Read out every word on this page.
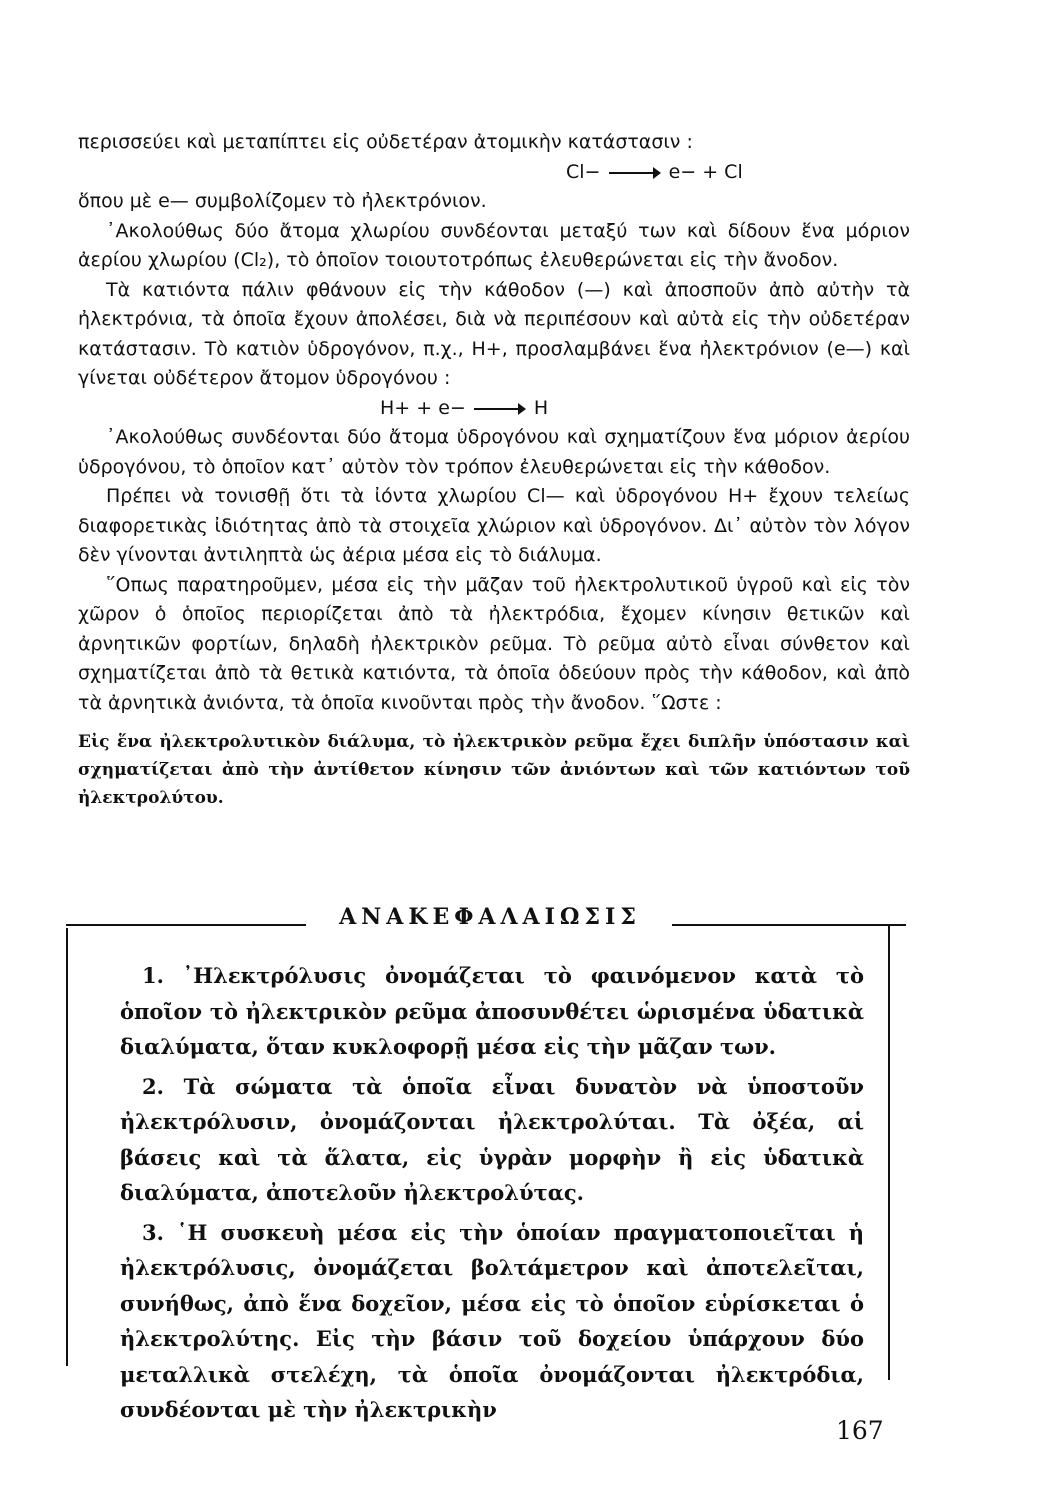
περισσεύει καὶ μεταπίπτει εἰς οὐδετέραν ἀτομικὴν κατάστασιν :

Cl−	e− + Cl

ὅπου μὲ e— συμβολίζομεν τὸ ἠλεκτρόνιον.

᾿Ακολούθως δύο ἄτομα χλωρίου συνδέονται μεταξύ των καὶ δίδουν ἕνα μόριον ἀερίου χλωρίου (Cl₂), τὸ ὁποῖον τοιουτοτρόπως ἐλευθερώνεται εἰς τὴν ἄνοδον.

Τὰ κατιόντα πάλιν φθάνουν εἰς τὴν κάθοδον (—) καὶ ἀποσποῦν ἀπὸ αὐτὴν τὰ ἠλεκτρόνια, τὰ ὁποῖα ἔχουν ἀπολέσει, διὰ νὰ περιπέσουν καὶ αὐτὰ εἰς τὴν οὐδετέραν κατάστασιν. Τὸ κατιὸν ὑδρογόνον, π.χ., H+, προσλαμβάνει ἕνα ἠλεκτρόνιον (e—) καὶ γίνεται οὐδέτερον ἄτομον ὑδρογόνου :

H+ + e−	H

᾿Ακολούθως συνδέονται δύο ἄτομα ὑδρογόνου καὶ σχηματίζουν ἕνα μόριον ἀερίου ὑδρογόνου, τὸ ὁποῖον κατ᾿ αὐτὸν τὸν τρόπον ἐλευθερώνεται εἰς τὴν κάθοδον.

Πρέπει νὰ τονισθῇ ὅτι τὰ ἰόντα χλωρίου Cl— καὶ ὑδρογόνου H+ ἔχουν τελείως διαφορετικὰς ἰδιότητας ἀπὸ τὰ στοιχεῖα χλώριον καὶ ὑδρογόνον. Δι᾿ αὐτὸν τὸν λόγον δὲν γίνονται ἀντιληπτὰ ὡς ἀέρια μέσα εἰς τὸ διάλυμα.

῞Οπως παρατηροῦμεν, μέσα εἰς τὴν μᾶζαν τοῦ ἠλεκτρολυτικοῦ ὑγροῦ καὶ εἰς τὸν χῶρον ὁ ὁποῖος περιορίζεται ἀπὸ τὰ ἠλεκτρόδια, ἔχομεν κίνησιν θετικῶν καὶ ἀρνητικῶν φορτίων, δηλαδὴ ἠλεκτρικὸν ρεῦμα. Τὸ ρεῦμα αὐτὸ εἶναι σύνθετον καὶ σχηματίζεται ἀπὸ τὰ θετικὰ κατιόντα, τὰ ὁποῖα ὁδεύουν πρὸς τὴν κάθοδον, καὶ ἀπὸ τὰ ἀρνητικὰ ἀνιόντα, τὰ ὁποῖα κινοῦνται πρὸς τὴν ἄνοδον. ῞Ωστε :

Εἰς ἕνα ἠλεκτρολυτικὸν διάλυμα, τὸ ἠλεκτρικὸν ρεῦμα ἔχει διπλῆν ὑπόστασιν καὶ σχηματίζεται ἀπὸ τὴν ἀντίθετον κίνησιν τῶν ἀνιόντων καὶ τῶν κατιόντων τοῦ ἠλεκτρολύτου.

ΑΝΑΚΕΦΑΛΑΙΩΣΙΣ

1. ᾿Ηλεκτρόλυσις ὀνομάζεται τὸ φαινόμενον κατὰ τὸ ὁποῖον τὸ ἠλεκτρικὸν ρεῦμα ἀποσυνθέτει ὡρισμένα ὑδατικὰ διαλύματα, ὅταν κυκλοφορῇ μέσα εἰς τὴν μᾶζαν των.

2. Τὰ σώματα τὰ ὁποῖα εἶναι δυνατὸν νὰ ὑποστοῦν ἠλεκτρόλυσιν, ὀνομάζονται ἠλεκτρολύται. Τὰ ὀξέα, αἱ βάσεις καὶ τὰ ἅλατα, εἰς ὑγρὰν μορφὴν ἢ εἰς ὑδατικὰ διαλύματα, ἀποτελοῦν ἠλεκτρολύτας.

3. ῾Η συσκευὴ μέσα εἰς τὴν ὁποίαν πραγματοποιεῖται ἡ ἠλεκτρόλυσις, ὀνομάζεται βολτάμετρον καὶ ἀποτελεῖται, συνήθως, ἀπὸ ἕνα δοχεῖον, μέσα εἰς τὸ ὁποῖον εὑρίσκεται ὁ ἠλεκτρολύτης. Εἰς τὴν βάσιν τοῦ δοχείου ὑπάρχουν δύο μεταλλικὰ στελέχη, τὰ ὁποῖα ὀνομάζονται ἠλεκτρόδια, συνδέονται μὲ τὴν ἠλεκτρικὴν

167
